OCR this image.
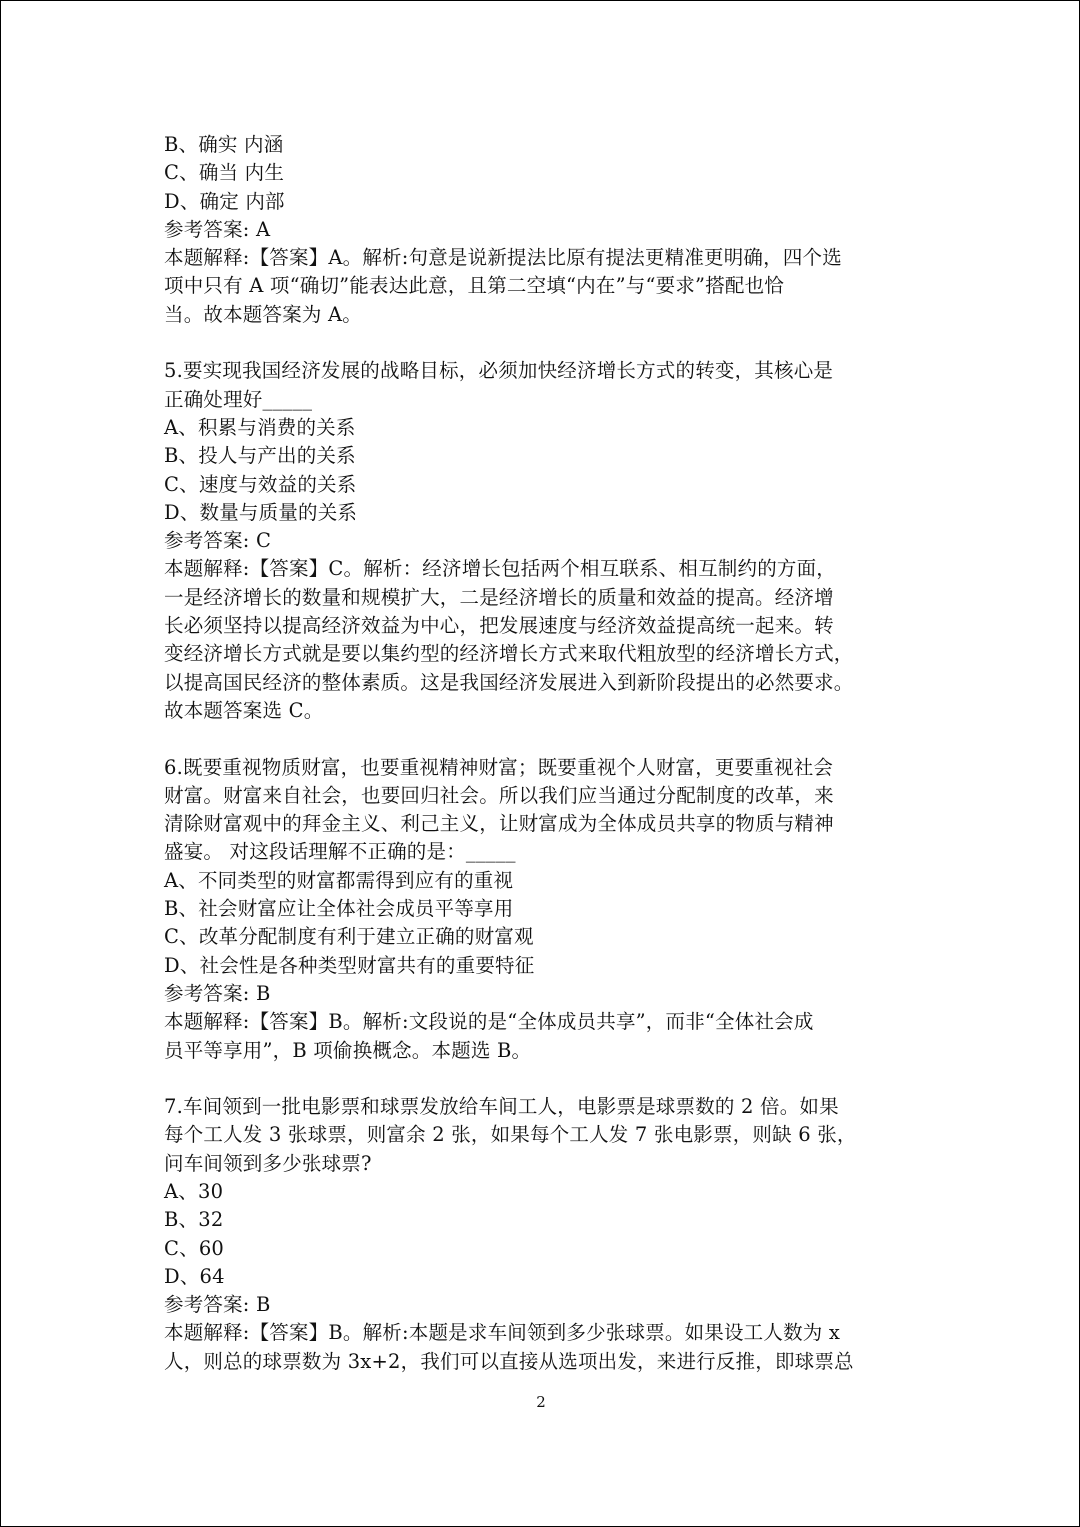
B、确实 内涵
C、确当 内生
D、确定 内部
参考答案: A
本题解释:【答案】A。解析:句意是说新提法比原有提法更精准更明确，四个选
项中只有 A 项“确切”能表达此意，且第二空填“内在”与“要求”搭配也恰
当。故本题答案为 A。
5.要实现我国经济发展的战略目标，必须加快经济增长方式的转变，其核心是
正确处理好_____
A、积累与消费的关系
B、投人与产出的关系
C、速度与效益的关系
D、数量与质量的关系
参考答案: C
本题解释:【答案】C。解析：经济增长包括两个相互联系、相互制约的方面，
一是经济增长的数量和规模扩大，二是经济增长的质量和效益的提高。经济增
长必须坚持以提高经济效益为中心，把发展速度与经济效益提高统一起来。转
变经济增长方式就是要以集约型的经济增长方式来取代粗放型的经济增长方式，
以提高国民经济的整体素质。这是我国经济发展进入到新阶段提出的必然要求。
故本题答案选 C。
6.既要重视物质财富，也要重视精神财富；既要重视个人财富，更要重视社会
财富。财富来自社会，也要回归社会。所以我们应当通过分配制度的改革，来
清除财富观中的拜金主义、利己主义，让财富成为全体成员共享的物质与精神
盛宴。 对这段话理解不正确的是：_____
A、不同类型的财富都需得到应有的重视
B、社会财富应让全体社会成员平等享用
C、改革分配制度有利于建立正确的财富观
D、社会性是各种类型财富共有的重要特征
参考答案: B
本题解释:【答案】B。解析:文段说的是“全体成员共享”，而非“全体社会成
员平等享用”，B 项偷换概念。本题选 B。
7.车间领到一批电影票和球票发放给车间工人，电影票是球票数的 2 倍。如果
每个工人发 3 张球票，则富余 2 张，如果每个工人发 7 张电影票，则缺 6 张，
问车间领到多少张球票?
A、30
B、32
C、60
D、64
参考答案: B
本题解释:【答案】B。解析:本题是求车间领到多少张球票。如果设工人数为 x
人，则总的球票数为 3x+2，我们可以直接从选项出发，来进行反推，即球票总
2
